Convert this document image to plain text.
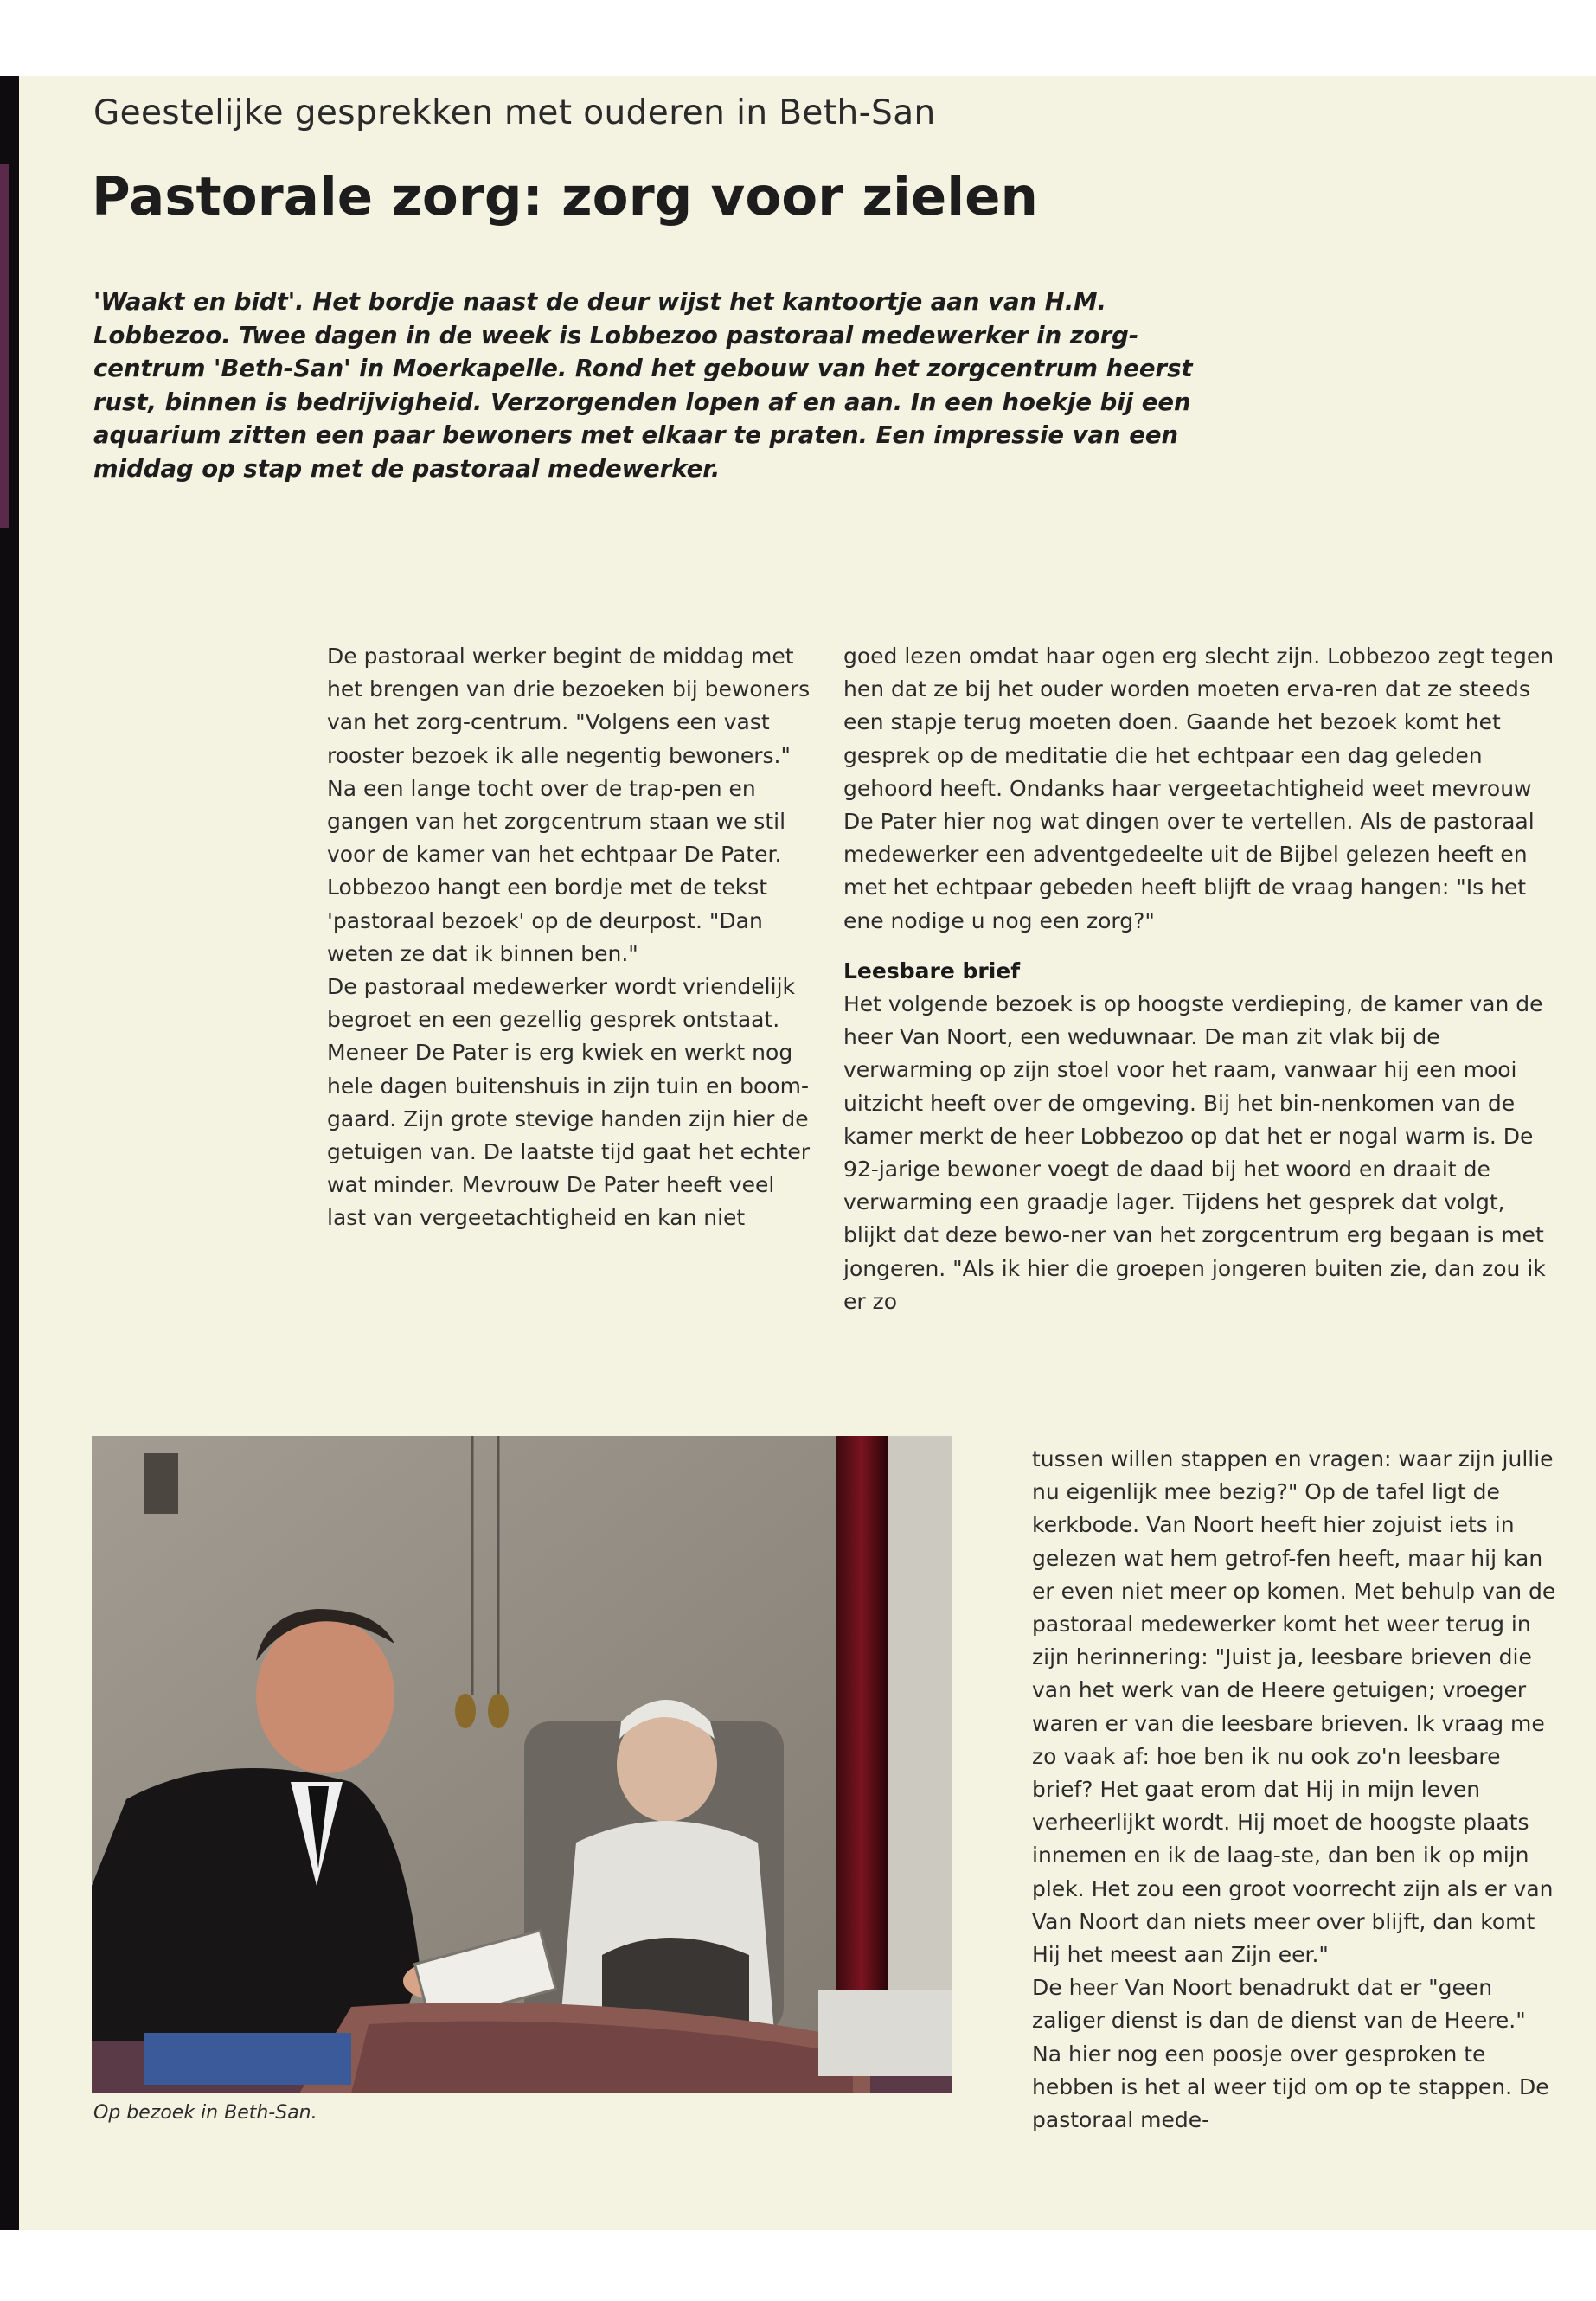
Geestelijke gesprekken met ouderen in Beth-San
Pastorale zorg: zorg voor zielen
'Waakt en bidt'. Het bordje naast de deur wijst het kantoortje aan van H.M. Lobbezoo. Twee dagen in de week is Lobbezoo pastoraal medewerker in zorg-centrum 'Beth-San' in Moerkapelle. Rond het gebouw van het zorgcentrum heerst rust, binnen is bedrijvigheid. Verzorgenden lopen af en aan. In een hoekje bij een aquarium zitten een paar bewoners met elkaar te praten. Een impressie van een middag op stap met de pastoraal medewerker.

De pastoraal werker begint de middag met het brengen van drie bezoeken bij bewoners van het zorg-centrum. "Volgens een vast rooster bezoek ik alle negentig bewoners." Na een lange tocht over de trap-pen en gangen van het zorgcentrum staan we stil voor de kamer van het echtpaar De Pater. Lobbezoo hangt een bordje met de tekst 'pastoraal bezoek' op de deurpost. "Dan weten ze dat ik binnen ben."

De pastoraal medewerker wordt vriendelijk begroet en een gezellig gesprek ontstaat. Meneer De Pater is erg kwiek en werkt nog hele dagen buitenshuis in zijn tuin en boom-gaard. Zijn grote stevige handen zijn hier de getuigen van. De laatste tijd gaat het echter wat minder. Mevrouw De Pater heeft veel last van vergeetachtigheid en kan niet

goed lezen omdat haar ogen erg slecht zijn. Lobbezoo zegt tegen hen dat ze bij het ouder worden moeten erva-ren dat ze steeds een stapje terug moeten doen. Gaande het bezoek komt het gesprek op de meditatie die het echtpaar een dag geleden gehoord heeft. Ondanks haar vergeetachtigheid weet mevrouw De Pater hier nog wat dingen over te vertellen. Als de pastoraal medewerker een adventgedeelte uit de Bijbel gelezen heeft en met het echtpaar gebeden heeft blijft de vraag hangen: "Is het ene nodige u nog een zorg?"

Leesbare brief

Het volgende bezoek is op hoogste verdieping, de kamer van de heer Van Noort, een weduwnaar. De man zit vlak bij de verwarming op zijn stoel voor het raam, vanwaar hij een mooi uitzicht heeft over de omgeving. Bij het bin-nenkomen van de kamer merkt de heer Lobbezoo op dat het er nogal warm is. De 92-jarige bewoner voegt de daad bij het woord en draait de verwarming een graadje lager. Tijdens het gesprek dat volgt, blijkt dat deze bewo-ner van het zorgcentrum erg begaan is met jongeren. "Als ik hier die groepen jongeren buiten zie, dan zou ik er zo

tussen willen stappen en vragen: waar zijn jullie nu eigenlijk mee bezig?" Op de tafel ligt de kerkbode. Van Noort heeft hier zojuist iets in gelezen wat hem getrof-fen heeft, maar hij kan er even niet meer op komen. Met behulp van de pastoraal medewerker komt het weer terug in zijn herinnering: "Juist ja, leesbare brieven die van het werk van de Heere getuigen; vroeger waren er van die leesbare brieven. Ik vraag me zo vaak af: hoe ben ik nu ook zo'n leesbare brief? Het gaat erom dat Hij in mijn leven verheerlijkt wordt. Hij moet de hoogste plaats innemen en ik de laag-ste, dan ben ik op mijn plek. Het zou een groot voorrecht zijn als er van Van Noort dan niets meer over blijft, dan komt Hij het meest aan Zijn eer."

De heer Van Noort benadrukt dat er "geen zaliger dienst is dan de dienst van de Heere." Na hier nog een poosje over gesproken te hebben is het al weer tijd om op te stappen. De pastoraal mede-

Op bezoek in Beth-San.
